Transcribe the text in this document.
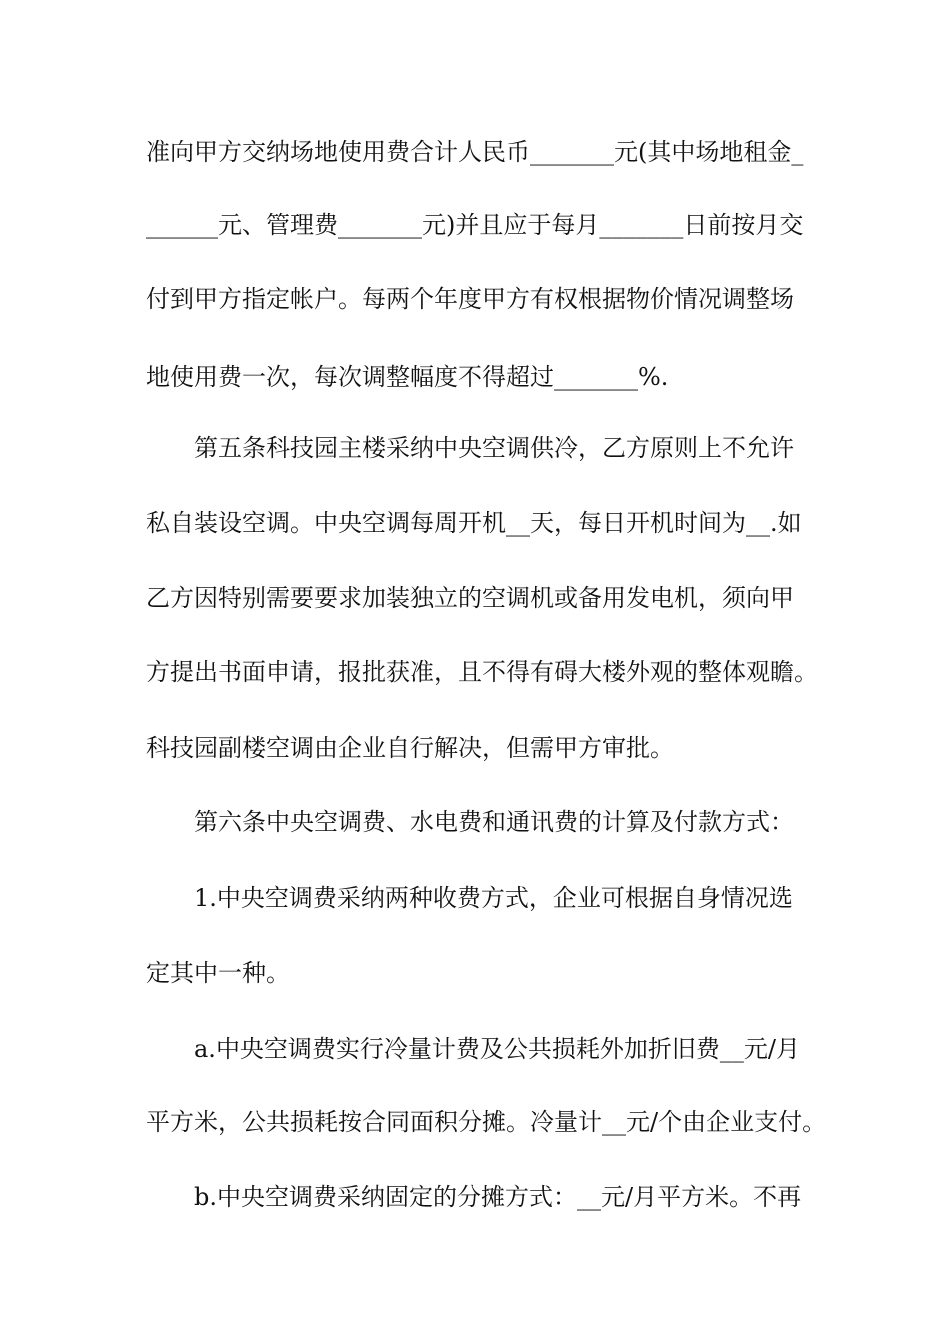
准向甲方交纳场地使用费合计人民币_______元(其中场地租金_
______元、管理费_______元)并且应于每月_______日前按月交
付到甲方指定帐户。每两个年度甲方有权根据物价情况调整场
地使用费一次，每次调整幅度不得超过_______%.
第五条科技园主楼采纳中央空调供冷，乙方原则上不允许
私自装设空调。中央空调每周开机__天，每日开机时间为__.如
乙方因特别需要要求加装独立的空调机或备用发电机，须向甲
方提出书面申请，报批获准，且不得有碍大楼外观的整体观瞻。
科技园副楼空调由企业自行解决，但需甲方审批。
第六条中央空调费、水电费和通讯费的计算及付款方式：
1.中央空调费采纳两种收费方式，企业可根据自身情况选
定其中一种。
a.中央空调费实行冷量计费及公共损耗外加折旧费__元/月
平方米，公共损耗按合同面积分摊。冷量计__元/个由企业支付。
b.中央空调费采纳固定的分摊方式：__元/月平方米。不再
